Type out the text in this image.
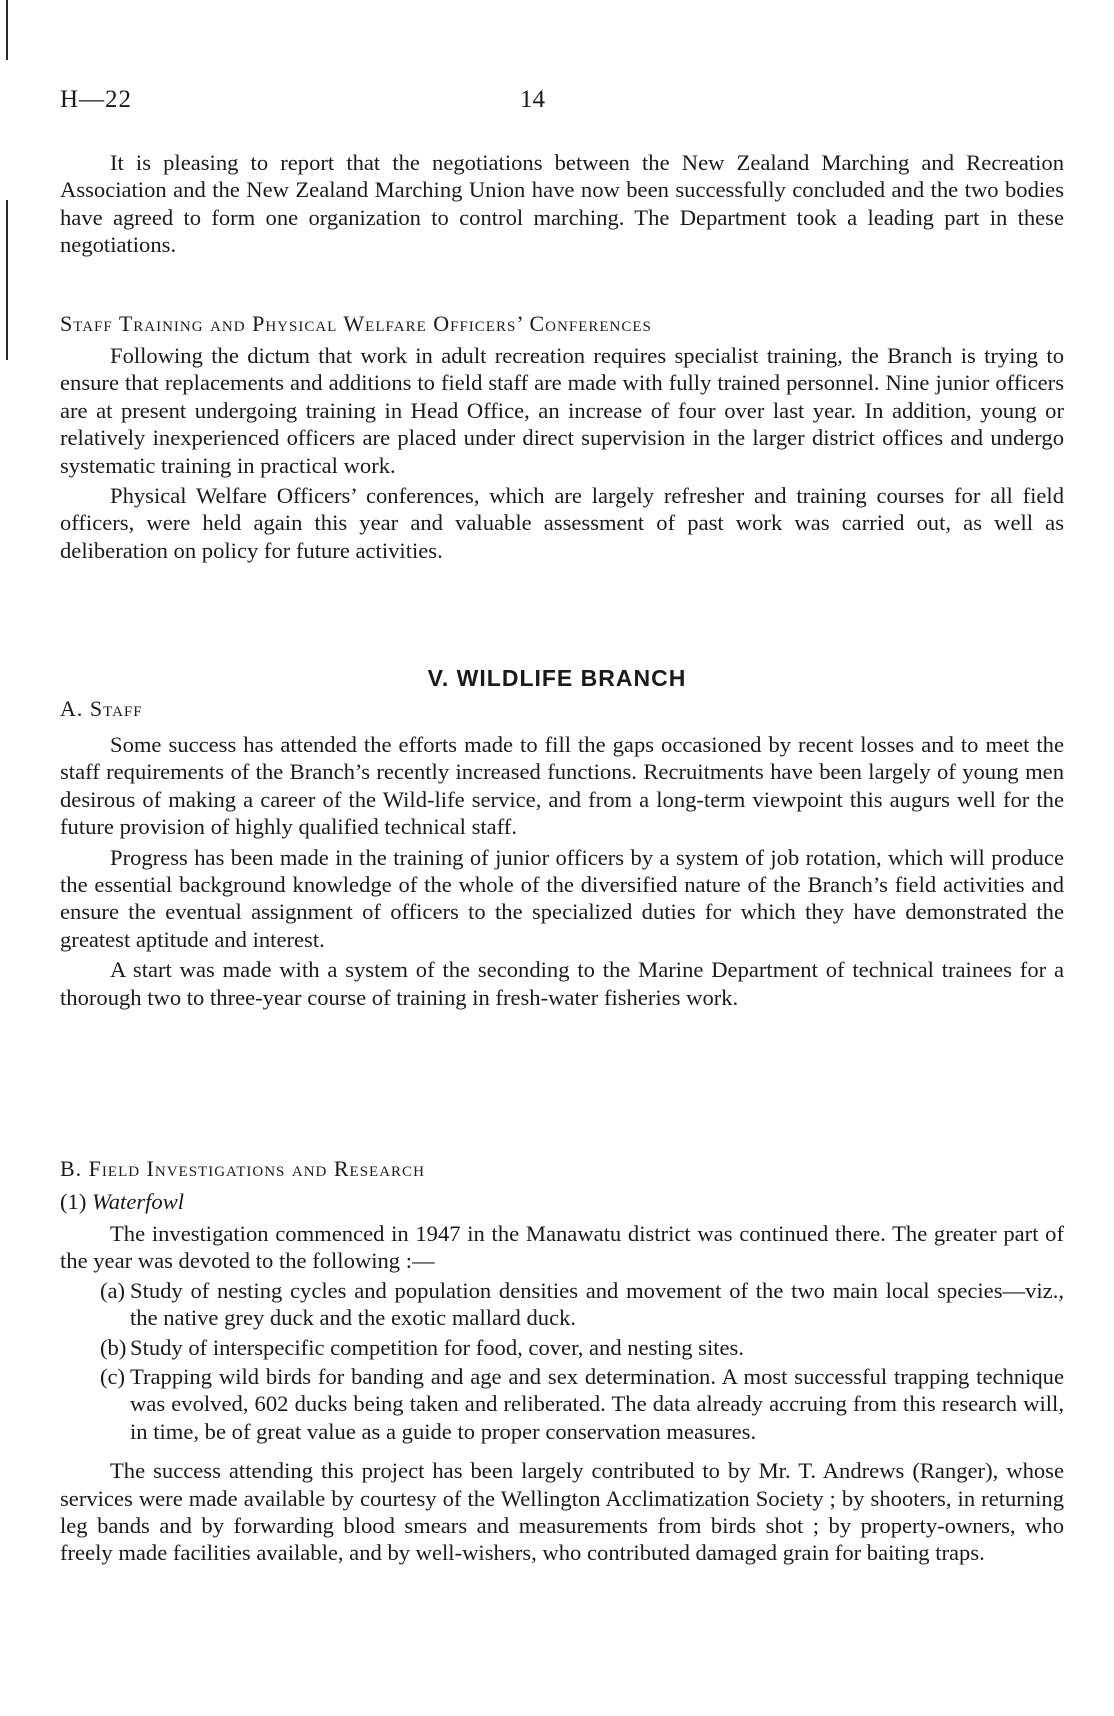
H—22	14

It is pleasing to report that the negotiations between the New Zealand Marching and Recreation Association and the New Zealand Marching Union have now been successfully concluded and the two bodies have agreed to form one organization to control marching. The Department took a leading part in these negotiations.

Staff Training and Physical Welfare Officers’ Conferences

Following the dictum that work in adult recreation requires specialist training, the Branch is trying to ensure that replacements and additions to field staff are made with fully trained personnel. Nine junior officers are at present undergoing training in Head Office, an increase of four over last year. In addition, young or relatively inexperienced officers are placed under direct supervision in the larger district offices and undergo systematic training in practical work.

Physical Welfare Officers’ conferences, which are largely refresher and training courses for all field officers, were held again this year and valuable assessment of past work was carried out, as well as deliberation on policy for future activities.

V. WILDLIFE BRANCH
A. Staff

Some success has attended the efforts made to fill the gaps occasioned by recent losses and to meet the staff requirements of the Branch’s recently increased functions. Recruitments have been largely of young men desirous of making a career of the Wild-life service, and from a long-term viewpoint this augurs well for the future provision of highly qualified technical staff.

Progress has been made in the training of junior officers by a system of job rotation, which will produce the essential background knowledge of the whole of the diversified nature of the Branch’s field activities and ensure the eventual assignment of officers to the specialized duties for which they have demonstrated the greatest aptitude and interest.

A start was made with a system of the seconding to the Marine Department of technical trainees for a thorough two to three-year course of training in fresh-water fisheries work.

B. Field Investigations and Research
(1) Waterfowl

The investigation commenced in 1947 in the Manawatu district was continued there. The greater part of the year was devoted to the following :—

(a) Study of nesting cycles and population densities and movement of the two main local species—viz., the native grey duck and the exotic mallard duck.
(b) Study of interspecific competition for food, cover, and nesting sites.
(c) Trapping wild birds for banding and age and sex determination. A most successful trapping technique was evolved, 602 ducks being taken and reliberated. The data already accruing from this research will, in time, be of great value as a guide to proper conservation measures.

The success attending this project has been largely contributed to by Mr. T. Andrews (Ranger), whose services were made available by courtesy of the Wellington Acclimatization Society ; by shooters, in returning leg bands and by forwarding blood smears and measurements from birds shot ; by property-owners, who freely made facilities available, and by well-wishers, who contributed damaged grain for baiting traps.
